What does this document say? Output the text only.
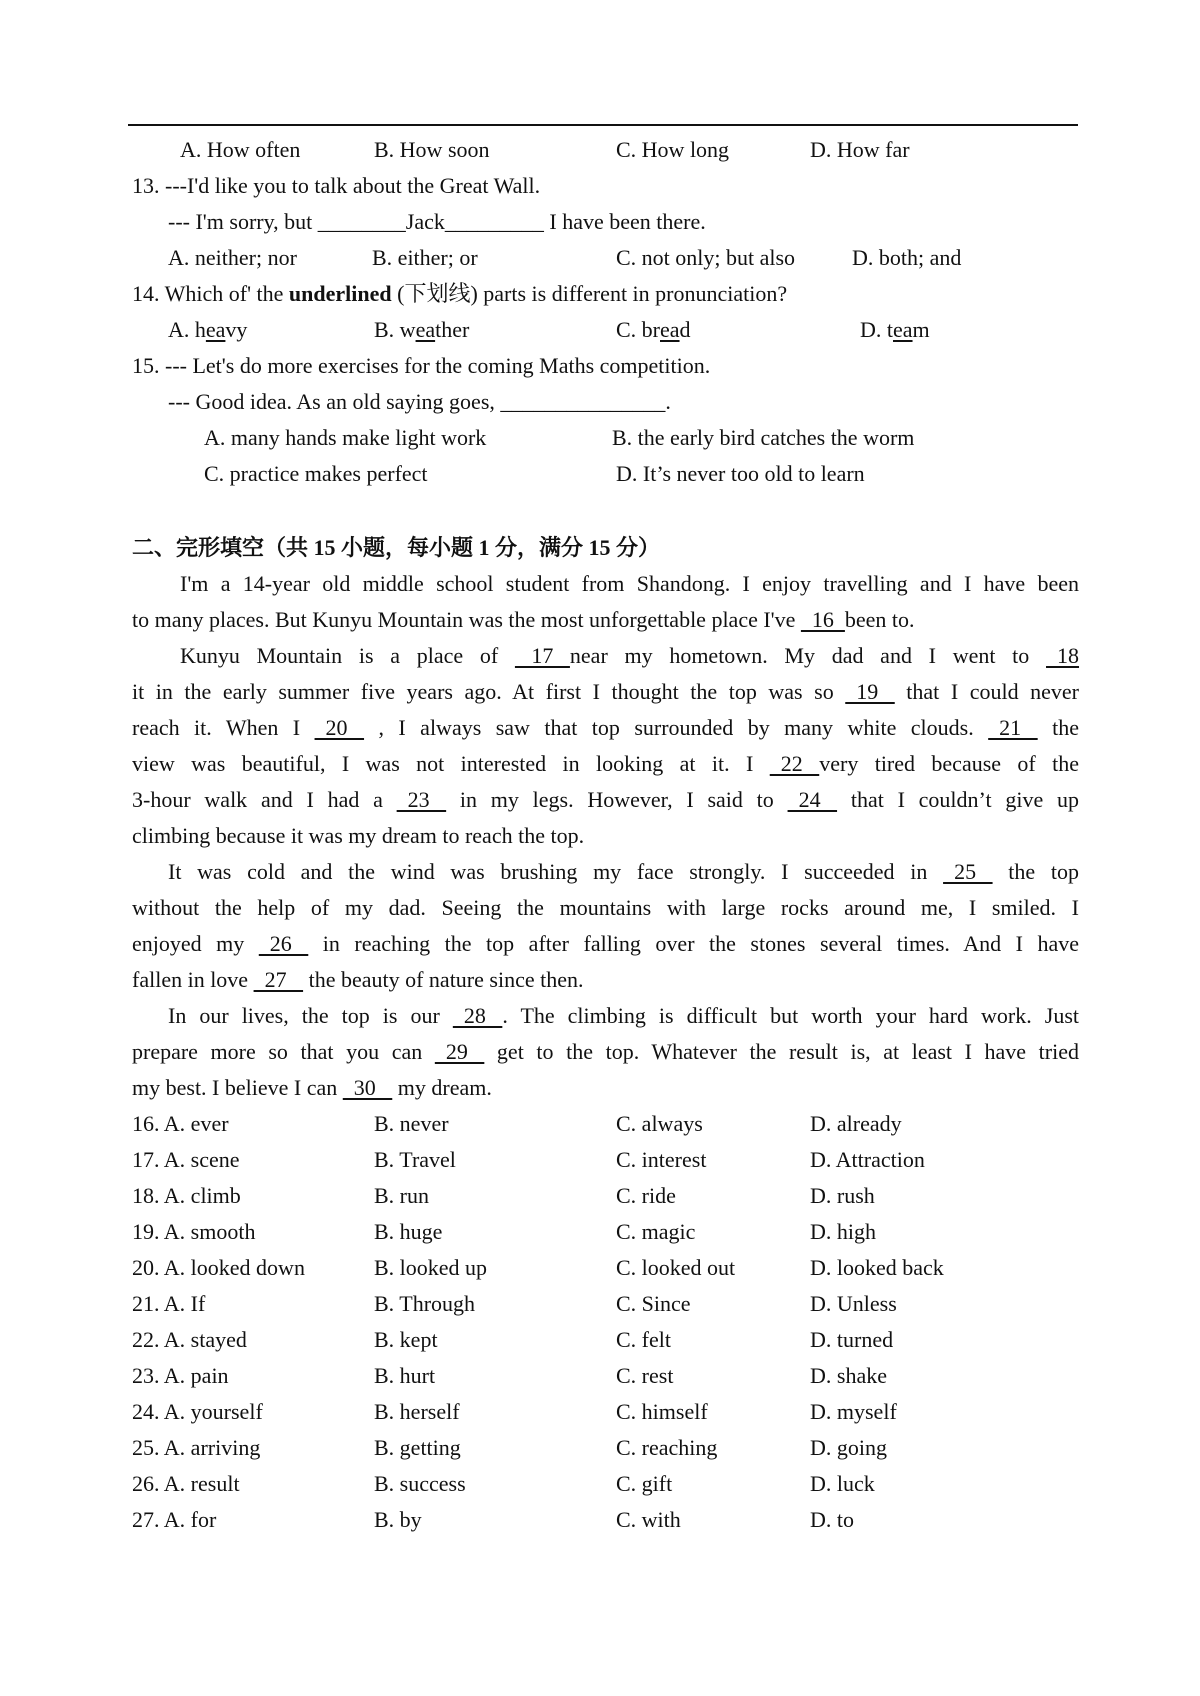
A. How often	B. How soon	C. How long	D. How far
13. ---I'd like you to talk about the Great Wall.
--- I'm sorry, but ________Jack_________ I have been there.
A. neither; nor	B. either; or	C. not only; but also	D. both; and
14. Which of' the underlined (下划线) parts is different in pronunciation?
A. heavy	B. weather	C. bread	D. team
15. --- Let's do more exercises for the coming Maths competition.
--- Good idea. As an old saying goes, _______________.
A. many hands make light work	B. the early bird catches the worm
C. practice makes perfect	D. It’s never too old to learn
二、完形填空（共 15 小题，每小题 1 分，满分 15 分）
I'm a 14-year old middle school student from Shandong. I enjoy travelling and I have been
to many places. But Kunyu Mountain was the most unforgettable place I've   16  been to.
Kunyu Mountain is a place of    17   near my hometown. My dad and I went to   18
it in the early summer five years ago. At first I thought the top was so   19    that I could never
reach it. When I   20    , I always saw that top surrounded by many white clouds.   21    the
view was beautiful, I was not interested in looking at it. I   22   very tired because of the
3-hour walk and I had a   23    in my legs. However, I said to   24    that I couldn’t give up
climbing because it was my dream to reach the top.
It was cold and the wind was brushing my face strongly. I succeeded in   25    the top
without the help of my dad. Seeing the mountains with large rocks around me, I smiled. I
enjoyed my   26    in reaching the top after falling over the stones several times. And I have
fallen in love   27    the beauty of nature since then.
In our lives, the top is our   28   . The climbing is difficult but worth your hard work. Just
prepare more so that you can   29    get to the top. Whatever the result is, at least I have tried
my best. I believe I can   30    my dream.
16. A. ever	B. never	C. always	D. already
17. A. scene	B. Travel	C. interest	D. Attraction
18. A. climb	B. run	C. ride	D. rush
19. A. smooth	B. huge	C. magic	D. high
20. A. looked down	B. looked up	C. looked out	D. looked back
21. A. If	B. Through	C. Since	D. Unless
22. A. stayed	B. kept	C. felt	D. turned
23. A. pain	B. hurt	C. rest	D. shake
24. A. yourself	B. herself	C. himself	D. myself
25. A. arriving	B. getting	C. reaching	D. going
26. A. result	B. success	C. gift	D. luck
27. A. for	B. by	C. with	D. to
